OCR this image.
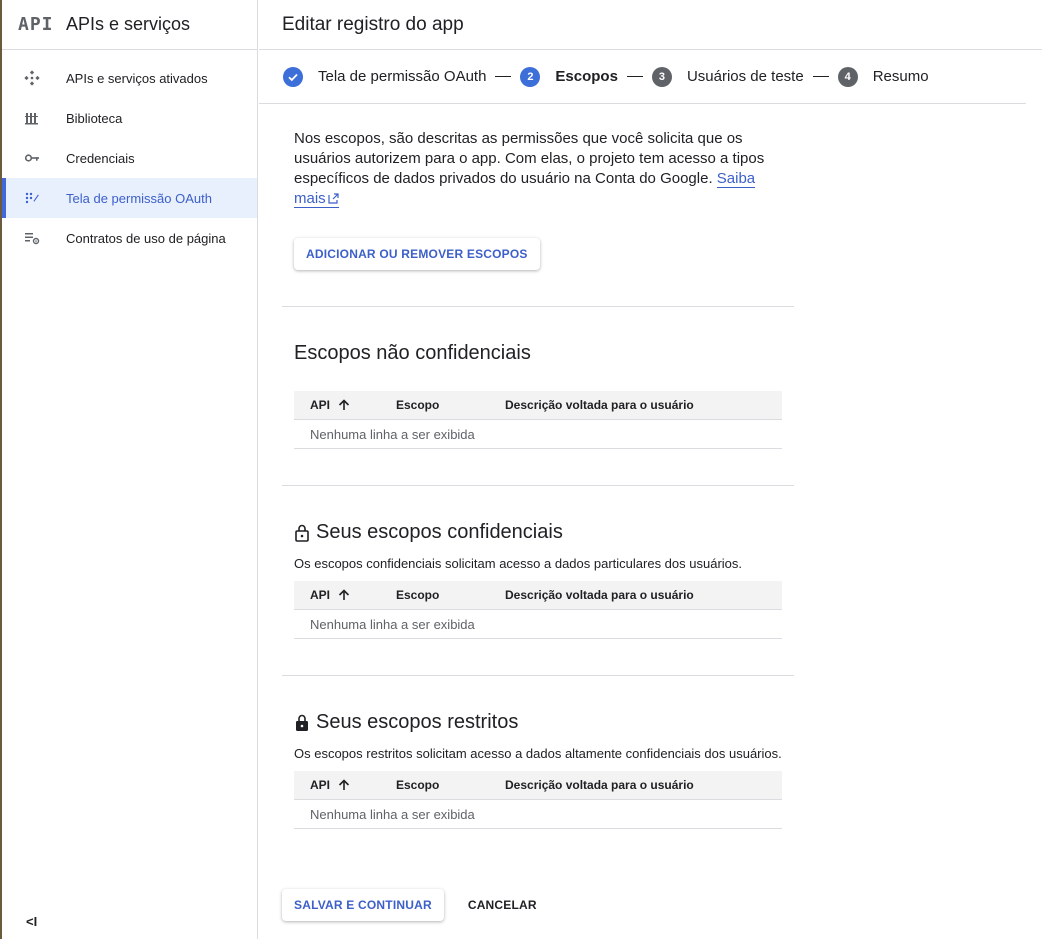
API APIs e serviços
APIs e serviços ativados
Biblioteca
Credenciais
Tela de permissão OAuth
Contratos de uso de página
<I
Editar registro do app
Tela de permissão OAuth	2	Escopos	3	Usuários de teste	4	Resumo

Nos escopos, são descritas as permissões que você solicita que os usuários autorizem para o app. Com elas, o projeto tem acesso a tipos específicos de dados privados do usuário na Conta do Google. Saiba mais

ADICIONAR OU REMOVER ESCOPOS
Escopos não confidenciais
API	Escopo	Descrição voltada para o usuário
Nenhuma linha a ser exibida
Seus escopos confidenciais

Os escopos confidenciais solicitam acesso a dados particulares dos usuários.

API	Escopo	Descrição voltada para o usuário
Nenhuma linha a ser exibida
Seus escopos restritos

Os escopos restritos solicitam acesso a dados altamente confidenciais dos usuários.

API	Escopo	Descrição voltada para o usuário
Nenhuma linha a ser exibida
SALVAR E CONTINUAR	CANCELAR
